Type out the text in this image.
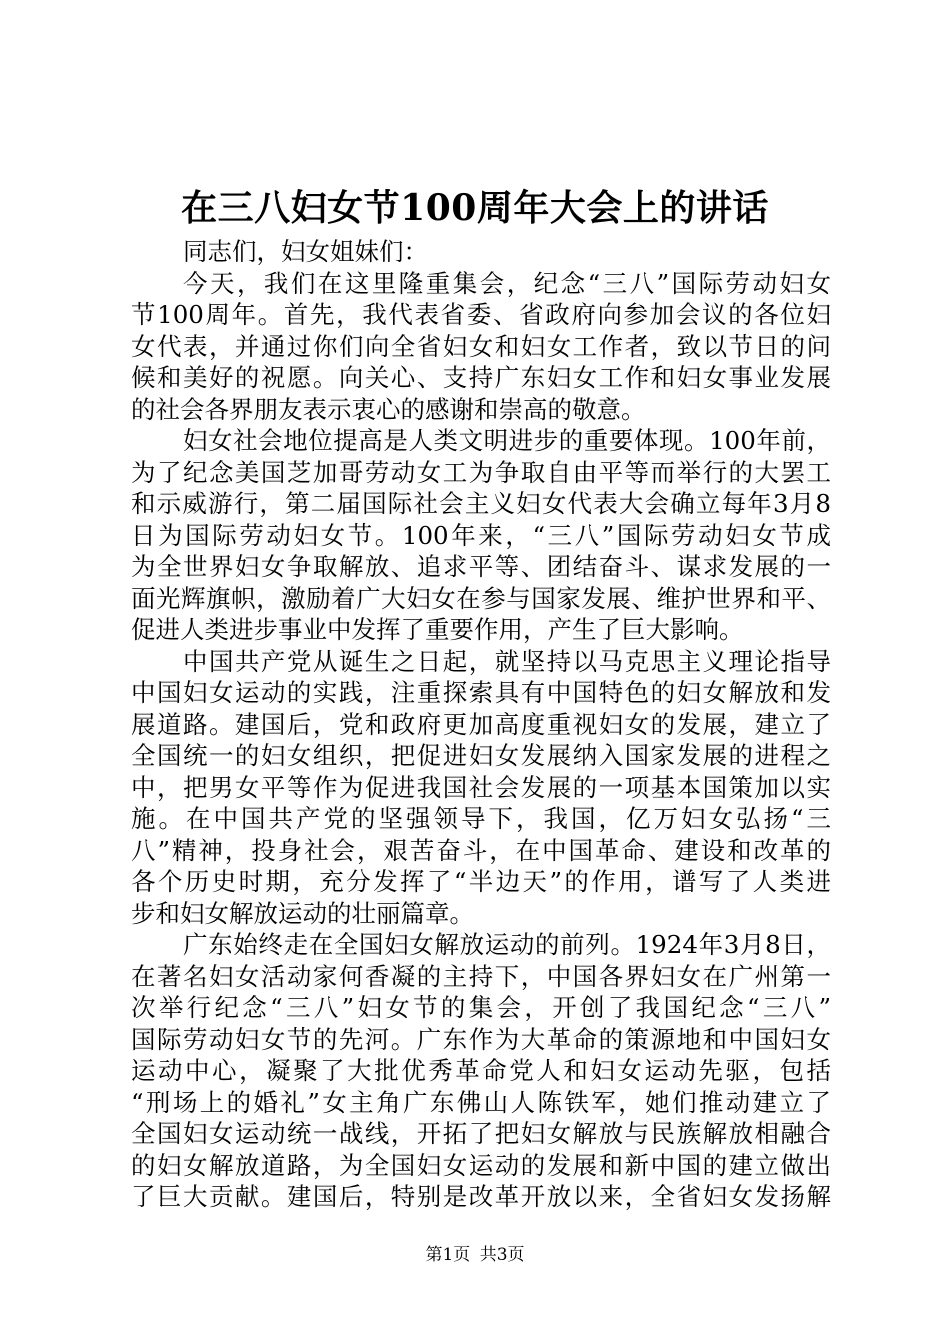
在三八妇女节100周年大会上的讲话
同志们，妇女姐妹们：
今天，我们在这里隆重集会，纪念“三八”国际劳动妇女
节100周年。首先，我代表省委、省政府向参加会议的各位妇
女代表，并通过你们向全省妇女和妇女工作者，致以节日的问
候和美好的祝愿。向关心、支持广东妇女工作和妇女事业发展
的社会各界朋友表示衷心的感谢和崇高的敬意。
妇女社会地位提高是人类文明进步的重要体现。100年前，
为了纪念美国芝加哥劳动女工为争取自由平等而举行的大罢工
和示威游行，第二届国际社会主义妇女代表大会确立每年3月8
日为国际劳动妇女节。100年来，“三八”国际劳动妇女节成
为全世界妇女争取解放、追求平等、团结奋斗、谋求发展的一
面光辉旗帜，激励着广大妇女在参与国家发展、维护世界和平、
促进人类进步事业中发挥了重要作用，产生了巨大影响。
中国共产党从诞生之日起，就坚持以马克思主义理论指导
中国妇女运动的实践，注重探索具有中国特色的妇女解放和发
展道路。建国后，党和政府更加高度重视妇女的发展，建立了
全国统一的妇女组织，把促进妇女发展纳入国家发展的进程之
中，把男女平等作为促进我国社会发展的一项基本国策加以实
施。在中国共产党的坚强领导下，我国，亿万妇女弘扬“三
八”精神，投身社会，艰苦奋斗，在中国革命、建设和改革的
各个历史时期，充分发挥了“半边天”的作用，谱写了人类进
步和妇女解放运动的壮丽篇章。
广东始终走在全国妇女解放运动的前列。1924年3月8日，
在著名妇女活动家何香凝的主持下，中国各界妇女在广州第一
次举行纪念“三八”妇女节的集会，开创了我国纪念“三八”
国际劳动妇女节的先河。广东作为大革命的策源地和中国妇女
运动中心，凝聚了大批优秀革命党人和妇女运动先驱，包括
“刑场上的婚礼”女主角广东佛山人陈铁军，她们推动建立了
全国妇女运动统一战线，开拓了把妇女解放与民族解放相融合
的妇女解放道路，为全国妇女运动的发展和新中国的建立做出
了巨大贡献。建国后，特别是改革开放以来，全省妇女发扬解
第1页 共3页
